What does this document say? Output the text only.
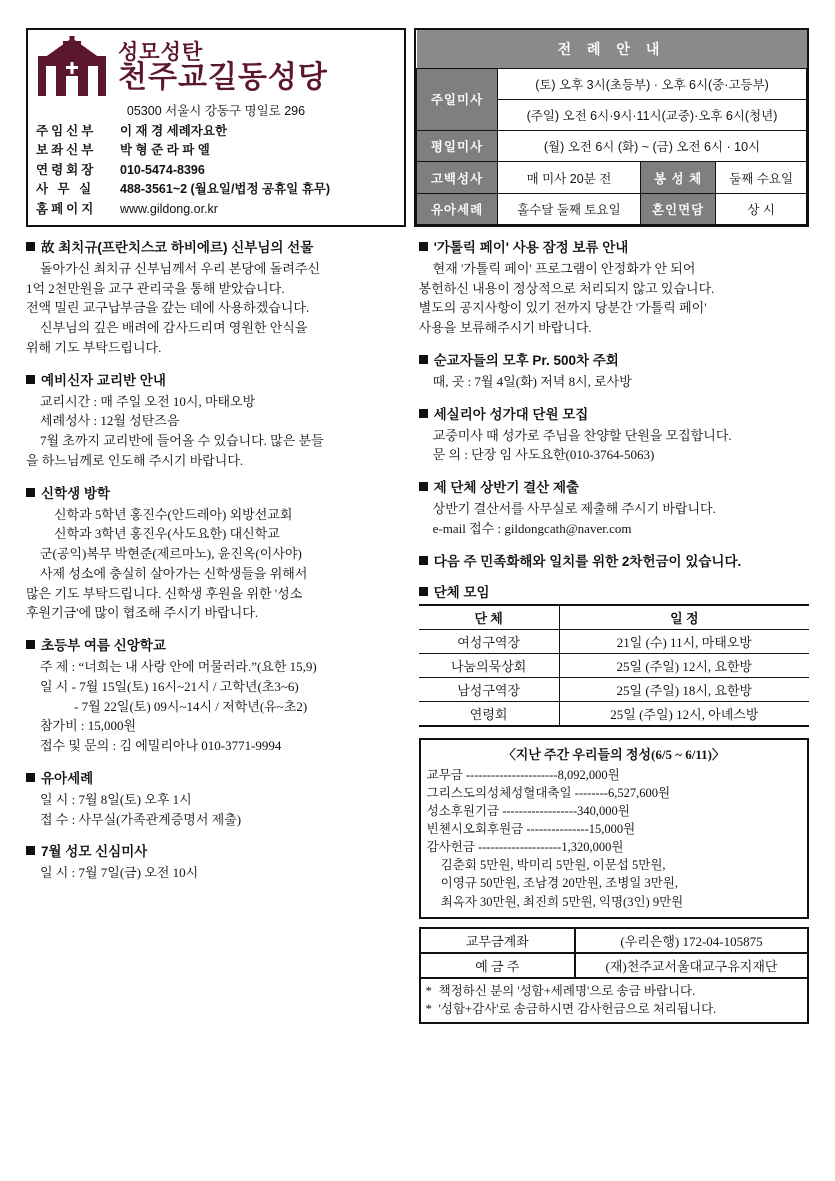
성모성탄
천주교길동성당
05300 서울시 강동구 명일로 296
주임신부	이 재 경 세례자요한
보좌신부	박 형 준 라 파 엘
연령회장	010-5474-8396
사 무 실	488-3561~2 (월요일/법정 공휴일 휴무)
홈페이지	www.gildong.or.kr
전 례 안 내			
주일미사	(토) 오후 3시(초등부) · 오후 6시(중·고등부)		
	(주일) 오전 6시·9시·11시(교중)·오후 6시(청년)		
평일미사	(월) 오전 6시 (화) ~ (금) 오전 6시 · 10시		
고백성사	매 미사 20분 전	봉 성 체	둘째 수요일
유아세례	홀수달 둘째 토요일	혼인면담	상 시
故 최치규(프란치스코 하비에르) 신부님의 선물

돌아가신 최치규 신부님께서 우리 본당에 돌려주신

1억 2천만원을 교구 관리국을 통해 받았습니다.

전액 밀린 교구납부금을 갚는 데에 사용하겠습니다.

신부님의 깊은 배려에 감사드리며 영원한 안식을

위해 기도 부탁드립니다.

예비신자 교리반 안내

교리시간 : 매 주일 오전 10시, 마태오방

세례성사 : 12월 성탄즈음

7월 초까지 교리반에 들어올 수 있습니다. 많은 분들

을 하느님께로 인도해 주시기 바랍니다.

신학생 방학

신학과 5학년 홍진수(안드레아) 외방선교회

신학과 3학년 홍진우(사도요한) 대신학교

군(공익)복무 박현준(제르마노), 윤진옥(이사야)

사제 성소에 충실히 살아가는 신학생들을 위해서

많은 기도 부탁드립니다. 신학생 후원을 위한 '성소

후원기금'에 많이 협조해 주시기 바랍니다.

초등부 여름 신앙학교

주 제 : “너희는 내 사랑 안에 머물러라.”(요한 15,9)

일 시 - 7월 15일(토) 16시~21시 / 고학년(초3~6)

- 7월 22일(토) 09시~14시 / 저학년(유~초2)

참가비 : 15,000원

접수 및 문의 : 김 에밀리아나 010-3771-9994

유아세례

일 시 : 7월 8일(토) 오후 1시

접 수 : 사무실(가족관계증명서 제출)

7월 성모 신심미사

일 시 : 7월 7일(금) 오전 10시

'가톨릭 페이' 사용 잠정 보류 안내

현재 '가톨릭 페이' 프로그램이 안정화가 안 되어

봉헌하신 내용이 정상적으로 처리되지 않고 있습니다.

별도의 공지사항이 있기 전까지 당분간 '가톨릭 페이'

사용을 보류해주시기 바랍니다.

순교자들의 모후 Pr. 500차 주회

때, 곳 : 7월 4일(화) 저녁 8시, 로사방

세실리아 성가대 단원 모집

교중미사 때 성가로 주님을 찬양할 단원을 모집합니다.

문 의 : 단장 임 사도요한(010-3764-5063)

제 단체 상반기 결산 제출

상반기 결산서를 사무실로 제출해 주시기 바랍니다.

e-mail 접수 : gildongcath@naver.com

다음 주 민족화해와 일치를 위한 2차헌금이 있습니다.
단체 모임
단 체	일 정
여성구역장	21일 (수) 11시, 마태오방
나눔의묵상회	25일 (주일) 12시, 요한방
남성구역장	25일 (주일) 18시, 요한방
연령회	25일 (주일) 12시, 아녜스방
〈지난 주간 우리들의 정성(6/5 ~ 6/11)〉
교무금 ----------------------8,092,000원
그리스도의성체성혈대축일 --------6,527,600원
성소후원기금 ------------------340,000원
빈첸시오회후원금 ---------------15,000원
감사헌금 --------------------1,320,000원
김춘회 5만원, 박미리 5만원, 이문섭 5만원,
이영규 50만원, 조남경 20만원, 조병일 3만원,
최옥자 30만원, 최진희 5만원, 익명(3인) 9만원
교무금계좌	(우리은행) 172-04-105875
예 금 주	(재)천주교서울대교구유지재단
* 책정하신 분의 '성함+세례명'으로 송금 바랍니다.
* '성함+감사'로 송금하시면 감사헌금으로 처리됩니다.
